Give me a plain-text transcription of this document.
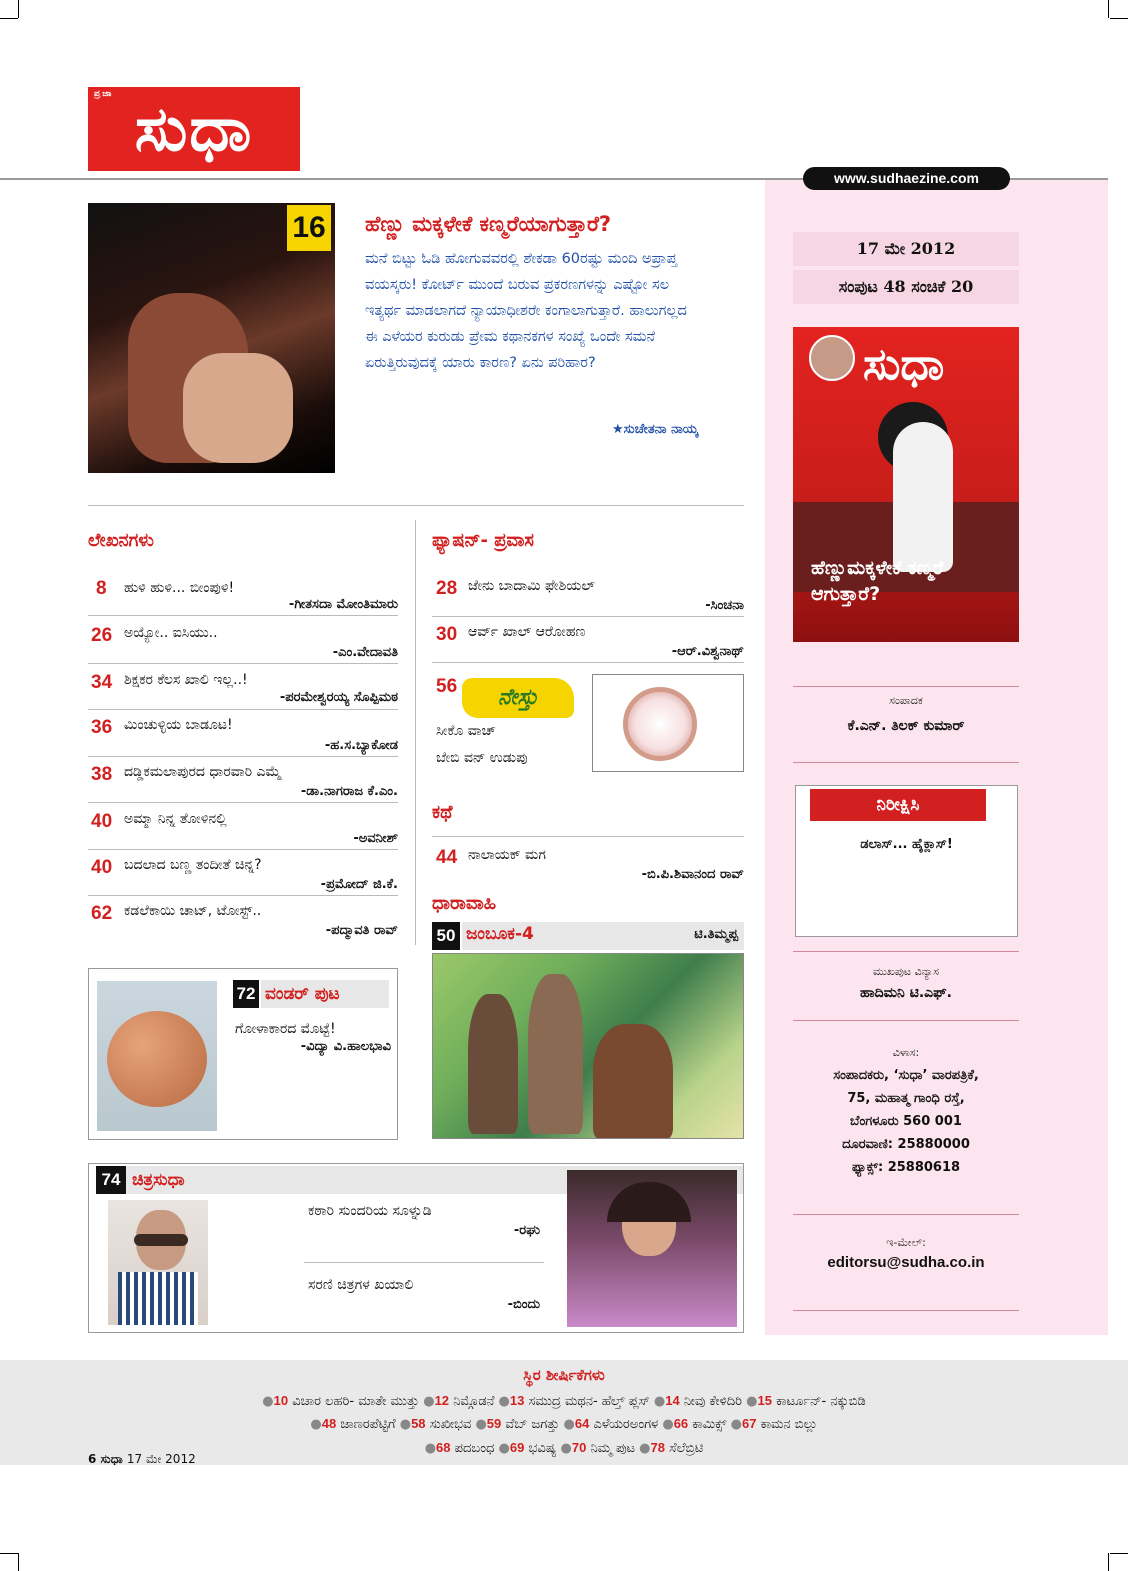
ಪ್ರಜಾ ಸುಧಾ
www.sudhaezine.com
16 ಹೆಣ್ಣು ಮಕ್ಕಳೇಕೆ ಕಣ್ಮರೆಯಾಗುತ್ತಾರೆ?
ಮನೆ ಬಿಟ್ಟು ಓಡಿ ಹೋಗುವವರಲ್ಲಿ ಶೇಕಡಾ 60ರಷ್ಟು ಮಂದಿ ಅಪ್ರಾಪ್ತ ವಯಸ್ಕರು! ಕೋರ್ಟ್ ಮುಂದೆ ಬರುವ ಪ್ರಕರಣಗಳನ್ನು ಎಷ್ಟೋ ಸಲ ಇತ್ಯರ್ಥ ಮಾಡಲಾಗದೆ ನ್ಯಾಯಾಧೀಶರೇ ಕಂಗಾಲಾಗುತ್ತಾರೆ. ಹಾಲುಗಲ್ಲದ ಈ ಎಳೆಯರ ಕುರುಡು ಪ್ರೇಮ ಕಥಾನಕಗಳ ಸಂಖ್ಯೆ ಒಂದೇ ಸಮನೆ ಏರುತ್ತಿರುವುದಕ್ಕೆ ಯಾರು ಕಾರಣ? ಏನು ಪರಿಹಾರ?
★ಸುಚೇತನಾ ನಾಯ್ಕ
17 ಮೇ 2012
ಸಂಪುಟ 48 ಸಂಚಿಕೆ 20
ಸುಧಾ
ಹೆಣ್ಣುಮಕ್ಕಳೇಕೆ ಕಣ್ಮರೆ ಆಗುತ್ತಾರೆ?
ಲೇಖನಗಳು
8 ಹುಳಿ ಹುಳಿ... ಬೀಂಪುಳಿ!
-ಗೀತಸದಾ ಮೋಂತಿಮಾರು
26 ಅಯ್ಯೋ.. ಐಸಿಯು..
-ಎಂ.ವೇದಾವತಿ
34 ಶಿಕ್ಷಕರ ಕೆಲಸ ಖಾಲಿ ಇಲ್ಲ..!
-ಪರಮೇಶ್ವರಯ್ಯ ಸೊಪ್ಪಿಮಠ
36 ಮಿಂಚುಳ್ಳಿಯ ಬಾಡೂಟ!
-ಹ.ಸ.ಬ್ಯಾಕೋಡ
38 ದಡ್ಡಿಕಮಲಾಪುರದ ಧಾರವಾರಿ ಎಮ್ಮೆ
-ಡಾ.ನಾಗರಾಜ ಕೆ.ಎಂ.
40 ಅಮ್ಮಾ ನಿನ್ನ ತೋಳಿನಲ್ಲಿ
-ಅವನೀಶ್
40 ಬದಲಾದ ಬಣ್ಣ ತಂದೀತೆ ಚಿನ್ನ?
-ಪ್ರಮೋದ್ ಜಿ.ಕೆ.
62 ಕಡಲೆಕಾಯಿ ಚಾಟ್, ಟೋಸ್ಟ್..
-ಪದ್ಮಾವತಿ ರಾವ್
72 ವಂಡರ್ ಪುಟ
ಗೋಳಾಕಾರದ ಮೊಟ್ಟೆ!
-ವಿದ್ಯಾ ವಿ.ಹಾಲಭಾವಿ
ಫ್ಯಾಷನ್- ಪ್ರವಾಸ
28 ಜೇನು ಬಾದಾಮಿ ಫೇಶಿಯಲ್
-ಸಿಂಚನಾ
30 ಆರ್ವ್ ಖಾಲ್ ಆರೋಹಣ
-ಆರ್.ವಿಶ್ವನಾಥ್
56	ನೇಸ್ತು
ಸೀಕೊ ವಾಚ್
ಬೇಬಿ ವನ್ ಉಡುಪು
ಕಥೆ
44 ನಾಲಾಯಕ್ ಮಗ
-ಬಿ.ಪಿ.ಶಿವಾನಂದ ರಾವ್
ಧಾರಾವಾಹಿ
ಜಂಬೂಕ-4	ಟಿ.ತಿಮ್ಮಪ್ಪ
50
ಚಿತ್ರಸುಧಾ
74
ಕಠಾರಿ ಸುಂದರಿಯ ಸೂಳ್ನುಡಿ
-ರಘು
ಸರಣಿ ಚಿತ್ರಗಳ ಖಯಾಲಿ
-ಬಿಂದು
ಸಂಪಾದಕ
ಕೆ.ಎನ್. ತಿಲಕ್ ಕುಮಾರ್
ನಿರೀಕ್ಷಿಸಿ
ಡಲಾಸ್... ಹೈಕ್ಲಾಸ್!
ಮುಖಪುಟ ವಿನ್ಯಾಸ
ಹಾದಿಮನಿ ಟಿ.ಎಫ್.
ವಿಳಾಸ:
ಸಂಪಾದಕರು, ‘ಸುಧಾ’ ವಾರಪತ್ರಿಕೆ,
75, ಮಹಾತ್ಮ ಗಾಂಧಿ ರಸ್ತೆ,
ಬೆಂಗಳೂರು 560 001
ದೂರವಾಣಿ: 25880000
ಫ್ಯಾಕ್ಸ್: 25880618
ಇ-ಮೇಲ್:
editorsu@sudha.co.in
ಸ್ಥಿರ ಶೀರ್ಷಿಕೆಗಳು
●10 ವಿಚಾರ ಲಹರಿ- ಮಾತೇ ಮುತ್ತು ●12 ನಿಮ್ಗೊಡನೆ ●13 ಸಮುದ್ರ ಮಥನ- ಹೆಲ್ತ್ ಪ್ಲಸ್ ●14 ನೀವು ಕೇಳಿದಿರಿ ●15 ಕಾರ್ಟೂನ್- ನಕ್ಕುಬಿಡಿ
●48 ಜಾಣರಪೆಟ್ಟಿಗೆ ●58 ಸುಖೀಭವ ●59 ವೆಬ್ ಜಗತ್ತು ●64 ಎಳೆಯರಅಂಗಳ ●66 ಕಾಮಿಕ್ಸ್ ●67 ಕಾಮನ ಬಿಲ್ಲು
●68 ಪದಬಂಧ ●69 ಭವಿಷ್ಯ ●70 ನಿಮ್ಮ ಪುಟ ●78 ಸೆಲೆಬ್ರಿಟಿ
6 ಸುಧಾ 17 ಮೇ 2012
